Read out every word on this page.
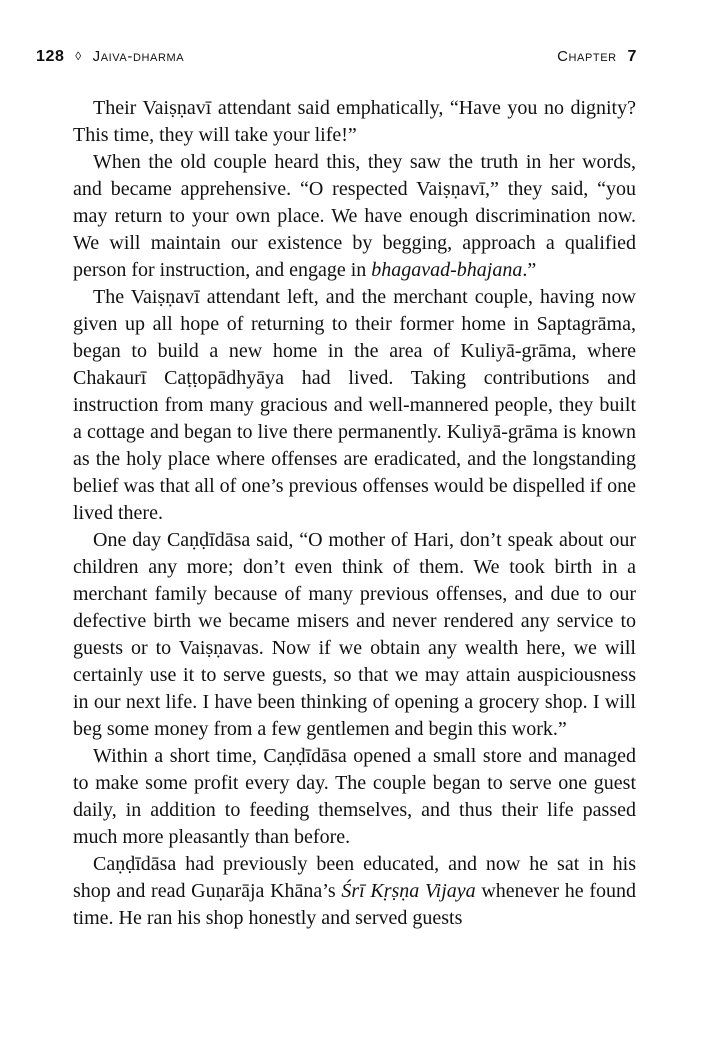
128 ◊ Jaiva-dharma	Chapter 7

Their Vaiṣṇavī attendant said emphatically, “Have you no dignity? This time, they will take your life!”

When the old couple heard this, they saw the truth in her words, and became apprehensive. “O respected Vaiṣṇavī,” they said, “you may return to your own place. We have enough discrimination now. We will maintain our existence by begging, approach a qualified person for instruction, and engage in bhagavad-bhajana.”

The Vaiṣṇavī attendant left, and the merchant couple, having now given up all hope of returning to their former home in Saptagrāma, began to build a new home in the area of Kuliyā-grāma, where Chakaurī Caṭṭopādhyāya had lived. Taking contributions and instruction from many gracious and well-mannered people, they built a cottage and began to live there permanently. Kuliyā-grāma is known as the holy place where offenses are eradicated, and the longstanding belief was that all of one’s previous offenses would be dispelled if one lived there.

One day Caṇḍīdāsa said, “O mother of Hari, don’t speak about our children any more; don’t even think of them. We took birth in a merchant family because of many previous offenses, and due to our defective birth we became misers and never rendered any service to guests or to Vaiṣṇavas. Now if we obtain any wealth here, we will certainly use it to serve guests, so that we may attain auspiciousness in our next life. I have been thinking of opening a grocery shop. I will beg some money from a few gentlemen and begin this work.”

Within a short time, Caṇḍīdāsa opened a small store and managed to make some profit every day. The couple began to serve one guest daily, in addition to feeding themselves, and thus their life passed much more pleasantly than before.

Caṇḍīdāsa had previously been educated, and now he sat in his shop and read Guṇarāja Khāna’s Śrī Kṛṣṇa Vijaya whenever he found time. He ran his shop honestly and served guests
